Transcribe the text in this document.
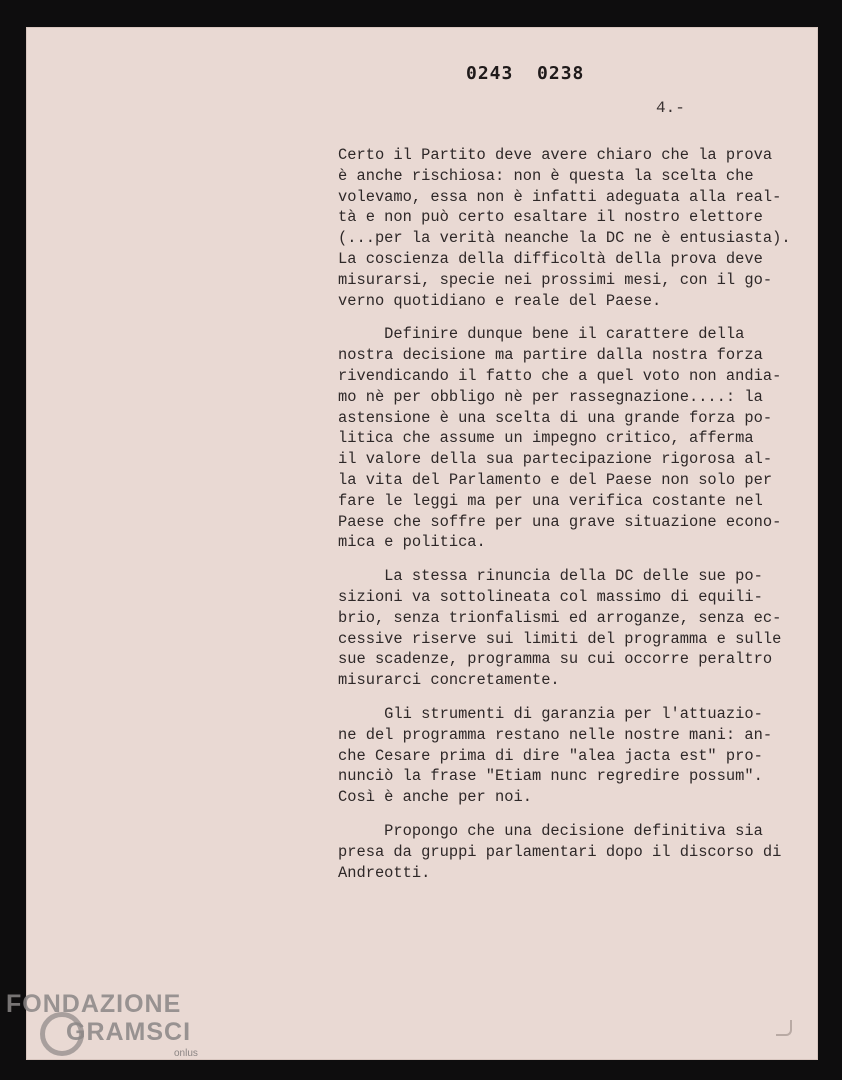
0243  0238
4.-

Certo il Partito deve avere chiaro che la prova
è anche rischiosa: non è questa la scelta che
volevamo, essa non è infatti adeguata alla real-
tà e non può certo esaltare il nostro elettore
(...per la verità neanche la DC ne è entusiasta).
La coscienza della difficoltà della prova deve
misurarsi, specie nei prossimi mesi, con il go-
verno quotidiano e reale del Paese.

Definire dunque bene il carattere della
nostra decisione ma partire dalla nostra forza
rivendicando il fatto che a quel voto non andia-
mo nè per obbligo nè per rassegnazione....: la
astensione è una scelta di una grande forza po-
litica che assume un impegno critico, afferma
il valore della sua partecipazione rigorosa al-
la vita del Parlamento e del Paese non solo per
fare le leggi ma per una verifica costante nel
Paese che soffre per una grave situazione econo-
mica e politica.

La stessa rinuncia della DC delle sue po-
sizioni va sottolineata col massimo di equili-
brio, senza trionfalismi ed arroganze, senza ec-
cessive riserve sui limiti del programma e sulle
sue scadenze, programma su cui occorre peraltro
misurarci concretamente.

Gli strumenti di garanzia per l'attuazio-
ne del programma restano nelle nostre mani: an-
che Cesare prima di dire "alea jacta est" pro-
nunciò la frase "Etiam nunc regredire possum".
Così è anche per noi.

Propongo che una decisione definitiva sia
presa da gruppi parlamentari dopo il discorso di
Andreotti.

FONDAZIONE
GRAMSCI
onlus
